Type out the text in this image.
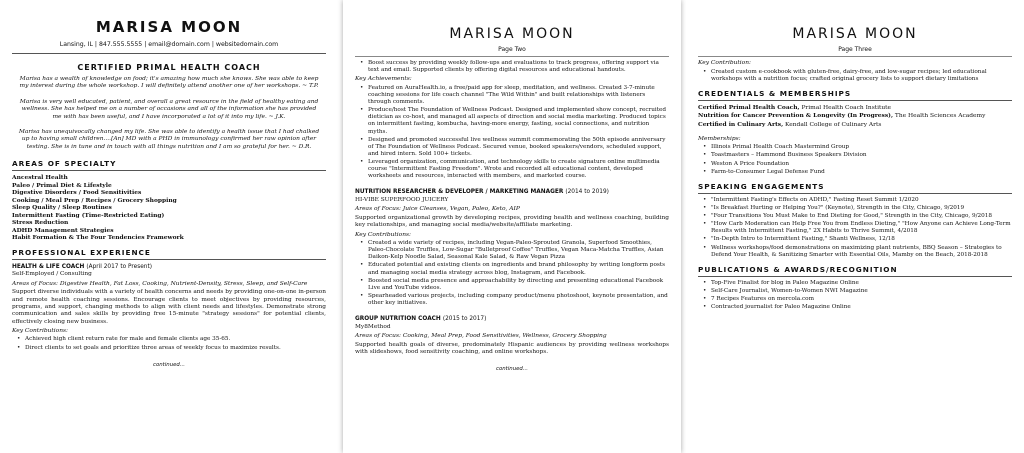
MARISA MOON
Lansing, IL | 847.555.5555 | email@domain.com | websitedomain.com
CERTIFIED PRIMAL HEALTH COACH
Marisa has a wealth of knowledge on food; it's amazing how much she knows. She was able to keep my interest during the whole workshop. I will definitely attend another one of her workshops. ~ T.P.
Marisa is very well educated, patient, and overall a great resource in the field of healthy eating and wellness. She has helped me on a number of occasions and all of the information she has provided me with has been useful, and I have incorporated a lot of it into my life. ~ J.K.
Marisa has unequivocally changed my life. She was able to identify a health issue that I had chalked up to having small children....[An] MD with a PHD in immunology confirmed her raw opinion after testing. She is in tune and in touch with all things nutrition and I am so grateful for her. ~ D.R.
AREAS OF SPECIALTY
Ancestral Health
Paleo / Primal Diet & Lifestyle
Digestive Disorders / Food Sensitivities
Cooking / Meal Prep / Recipes / Grocery Shopping
Sleep Quality / Sleep Routines
Intermittent Fasting (Time-Restricted Eating)
Stress Reduction
ADHD Management Strategies
Habit Formation & The Four Tendencies Framework
PROFESSIONAL EXPERIENCE
HEALTH & LIFE COACH (April 2017 to Present)
Self-Employed / Consulting
Areas of Focus: Digestive Health, Fat Loss, Cooking, Nutrient-Density, Stress, Sleep, and Self-Care
Support diverse individuals with a variety of health concerns and needs by providing one-on-one in-person and remote health coaching sessions. Encourage clients to meet objectives by providing resources, programs, and support, changing methods to align with client needs and lifestyles. Demonstrate strong communication and sales skills by providing free 15-minute "strategy sessions" for potential clients, effectively closing new business.
Key Contributions:
• Achieved high client return rate for male and female clients age 35-65.
• Direct clients to set goals and prioritize three areas of weekly focus to maximize results.
continued...
MARISA MOON
Page Two
• Boost success by providing weekly follow-ups and evaluations to track progress, offering support via text and email. Supported clients by offering digital resources and educational handouts.
Key Achievements:
• Featured on AuraHealth.io, a free/paid app for sleep, meditation, and wellness. Created 3-7-minute coaching sessions for life coach channel "The Wild Within" and built relationships with listeners through comments.
• Produce/host The Foundation of Wellness Podcast. Designed and implemented show concept, recruited dietician as co-host, and managed all aspects of direction and social media marketing. Produced topics on intermittent fasting, kombucha, having-more energy, fasting, social connections, and nutrition myths.
• Designed and promoted successful live wellness summit commemorating the 50th episode anniversary of The Foundation of Wellness Podcast. Secured venue, booked speakers/vendors, scheduled support, and hired intern. Sold 100+ tickets.
• Leveraged organization, communication, and technology skills to create signature online multimedia course "Intermittent Fasting Freedom". Wrote and recorded all educational content, developed worksheets and resources, interacted with members, and marketed course.
NUTRITION RESEARCHER & DEVELOPER / MARKETING MANAGER (2014 to 2019)
HI-VIBE SUPERFOOD JUICERY
Areas of Focus: Juice Cleanses, Vegan, Paleo, Keto, AIP
Supported organizational growth by developing recipes, providing health and wellness coaching, building key relationships, and managing social media/website/affiliate marketing.
Key Contributions:
• Created a wide variety of recipes, including Vegan-Paleo-Sprouted Granola, Superfood Smoothies, Paleo-Chocolate Truffles, Low-Sugar "Bulletproof Coffee" Truffles, Vegan Maca-Matcha Truffles, Asian Daikon-Kelp Noodle Salad, Seasonal Kale Salad, & Raw Vegan Pizza
• Educated potential and existing clients on ingredients and brand philosophy by writing longform posts and managing social media strategy across blog, Instagram, and Facebook.
• Boosted social media presence and approachability by directing and presenting educational Facebook Live and YouTube videos.
• Spearheaded various projects, including company product/menu photoshoot, keynote presentation, and other key initiatives.
GROUP NUTRITION COACH (2015 to 2017)
My8Method
Areas of Focus: Cooking, Meal Prep, Food Sensitivities, Wellness, Grocery Shopping
Supported health goals of diverse, predominately Hispanic audiences by providing wellness workshops with slideshows, food sensitivity coaching, and online workshops.
continued...
MARISA MOON
Page Three
Key Contribution:
• Created custom e-cookbook with gluten-free, dairy-free, and low-sugar recipes; led educational workshops with a nutrition focus; crafted original grocery lists to support dietary limitations
CREDENTIALS & MEMBERSHIPS
Certified Primal Health Coach, Primal Health Coach Institute
Nutrition for Cancer Prevention & Longevity (In Progress), The Health Sciences Academy
Certified in Culinary Arts, Kendall College of Culinary Arts
Memberships:
• Illinois Primal Health Coach Mastermind Group
• Toastmasters – Hammond Business Speakers Division
• Weston A Price Foundation
• Farm-to-Consumer Legal Defense Fund
SPEAKING ENGAGEMENTS
• "Intermittent Fasting's Effects on ADHD," Fasting Reset Summit 1/2020
• "Is Breakfast Hurting or Helping You?" (Keynote), Strength in the City, Chicago, 9/2019
• "Four Transitions You Must Make to End Dieting for Good," Strength in the City, Chicago, 9/2018
• "How Carb Moderation can Help Free You from Endless Dieting," "How Anyone can Achieve Long-Term Results with Intermittent Fasting," 2X Habits to Thrive Summit, 4/2018
• "In-Depth Intro to Intermittent Fasting," Shanti Wellness, 12/18
• Wellness workshops/food demonstrations on maximizing plant nutrients, BBQ Season – Strategies to Defend Your Health, & Sanitizing Smarter with Essential Oils, Mamby on the Beach, 2018-2018
PUBLICATIONS & AWARDS/RECOGNITION
• Top-Five Finalist for blog in Paleo Magazine Online
• Self-Care Journalist, Women-to-Women NWI Magazine
• 7 Recipes Features on mercola.com
• Contracted journalist for Paleo Magazine Online
